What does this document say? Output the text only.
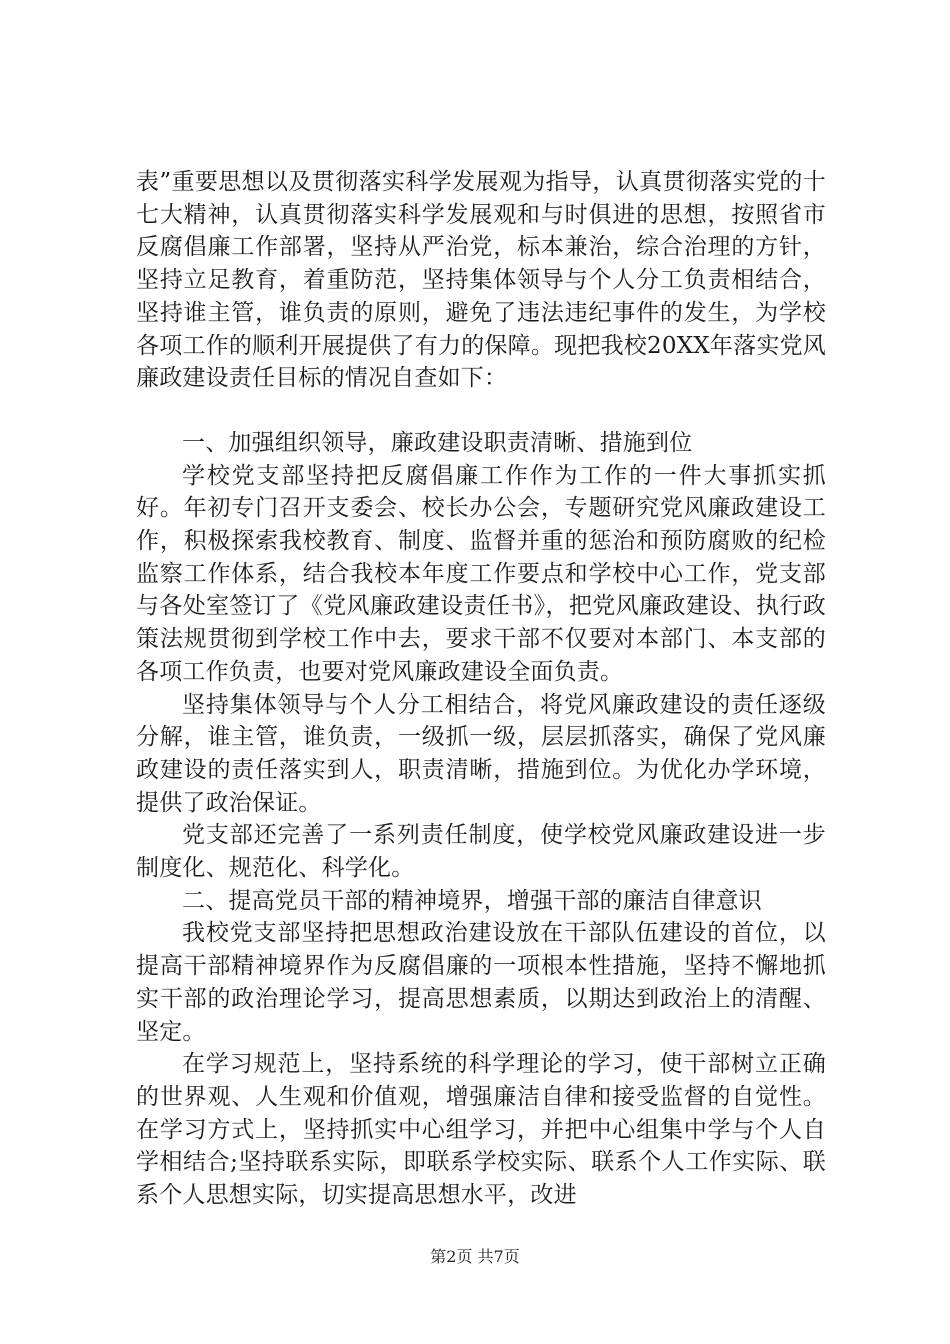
表”重要思想以及贯彻落实科学发展观为指导，认真贯彻落实党的十七大精神，认真贯彻落实科学发展观和与时俱进的思想，按照省市反腐倡廉工作部署，坚持从严治党，标本兼治，综合治理的方针，坚持立足教育，着重防范，坚持集体领导与个人分工负责相结合，坚持谁主管，谁负责的原则，避免了违法违纪事件的发生，为学校各项工作的顺利开展提供了有力的保障。现把我校20XX年落实党风廉政建设责任目标的情况自查如下：

一、加强组织领导，廉政建设职责清晰、措施到位

学校党支部坚持把反腐倡廉工作作为工作的一件大事抓实抓好。年初专门召开支委会、校长办公会，专题研究党风廉政建设工作，积极探索我校教育、制度、监督并重的惩治和预防腐败的纪检监察工作体系，结合我校本年度工作要点和学校中心工作，党支部与各处室签订了《党风廉政建设责任书》，把党风廉政建设、执行政策法规贯彻到学校工作中去，要求干部不仅要对本部门、本支部的各项工作负责，也要对党风廉政建设全面负责。

坚持集体领导与个人分工相结合，将党风廉政建设的责任逐级分解，谁主管，谁负责，一级抓一级，层层抓落实，确保了党风廉政建设的责任落实到人，职责清晰，措施到位。为优化办学环境，提供了政治保证。

党支部还完善了一系列责任制度，使学校党风廉政建设进一步制度化、规范化、科学化。

二、提高党员干部的精神境界，增强干部的廉洁自律意识

我校党支部坚持把思想政治建设放在干部队伍建设的首位，以提高干部精神境界作为反腐倡廉的一项根本性措施，坚持不懈地抓实干部的政治理论学习，提高思想素质，以期达到政治上的清醒、坚定。

在学习规范上，坚持系统的科学理论的学习，使干部树立正确的世界观、人生观和价值观，增强廉洁自律和接受监督的自觉性。在学习方式上，坚持抓实中心组学习，并把中心组集中学与个人自学相结合;坚持联系实际，即联系学校实际、联系个人工作实际、联系个人思想实际，切实提高思想水平，改进

第2页 共7页
